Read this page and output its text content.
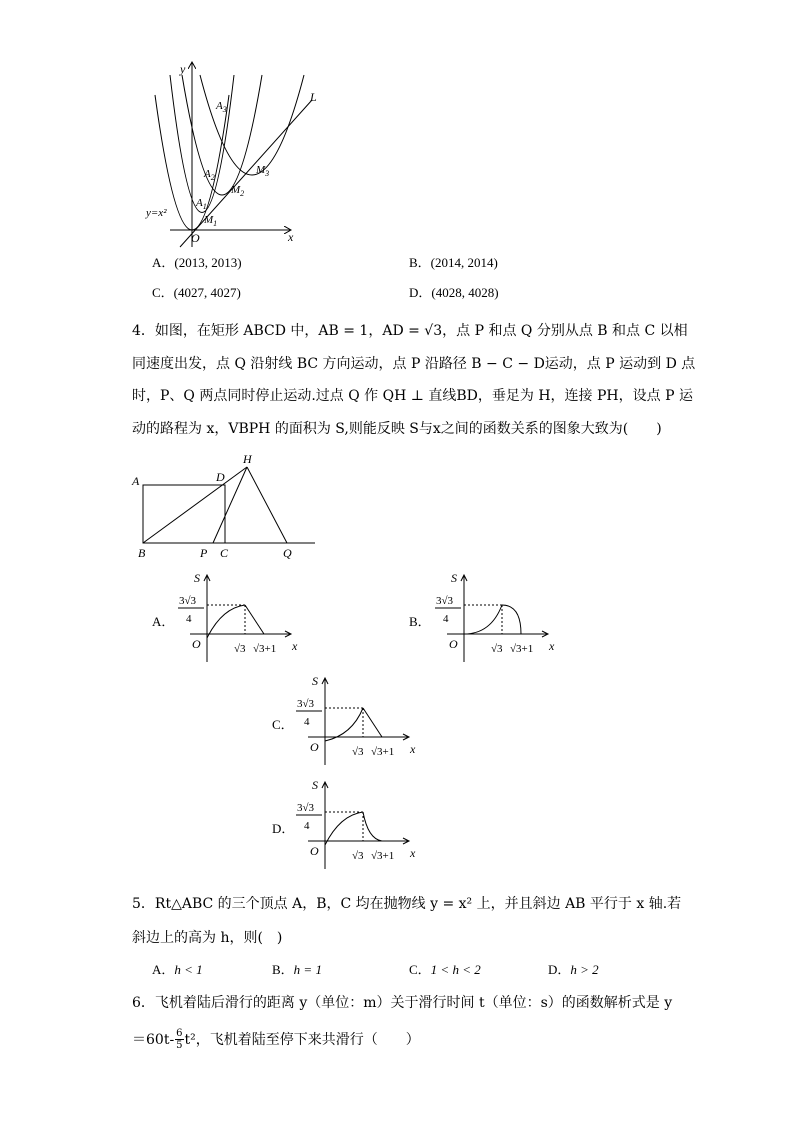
y
x
O
L
y=x²
$A_3$
$A_2$
$A_1$
$M_3$
$M_2$
$M_1$
A．(2013, 2013)	B．(2014, 2014)
C．(4027, 4027)	D．(4028, 4028)
4．如图，在矩形 ABCD 中，AB = 1，AD = √3，点 P 和点 Q 分别从点 B 和点 C 以相
同速度出发，点 Q 沿射线 BC 方向运动，点 P 沿路径 B − C − D运动，点 P 运动到 D 点
时，P、Q 两点同时停止运动.过点 Q 作 QH ⊥ 直线BD，垂足为 H，连接 PH，设点 P 运
动的路程为 x，VBPH 的面积为 S,则能反映 S与x之间的函数关系的图象大致为(　　)
A	D
H
B	P C	Q
A．
S
x
O
3√3
4
√3 √3+1
B．
S
x
O
3√3
4
√3 √3+1
C．
S
x
O
3√3
4
√3 √3+1
D．
S
x
O
3√3
4
√3 √3+1
5．Rt△ABC 的三个顶点 A，B，C 均在抛物线 y = x² 上，并且斜边 AB 平行于 x 轴.若
斜边上的高为 h，则(　)
A．h < 1	B．h = 1	C．1 < h < 2	D．h > 2
6．飞机着陆后滑行的距离 y（单位：m）关于滑行时间 t（单位：s）的函数解析式是 y
＝60t- 6
5 t²，飞机着陆至停下来共滑行（　　）
